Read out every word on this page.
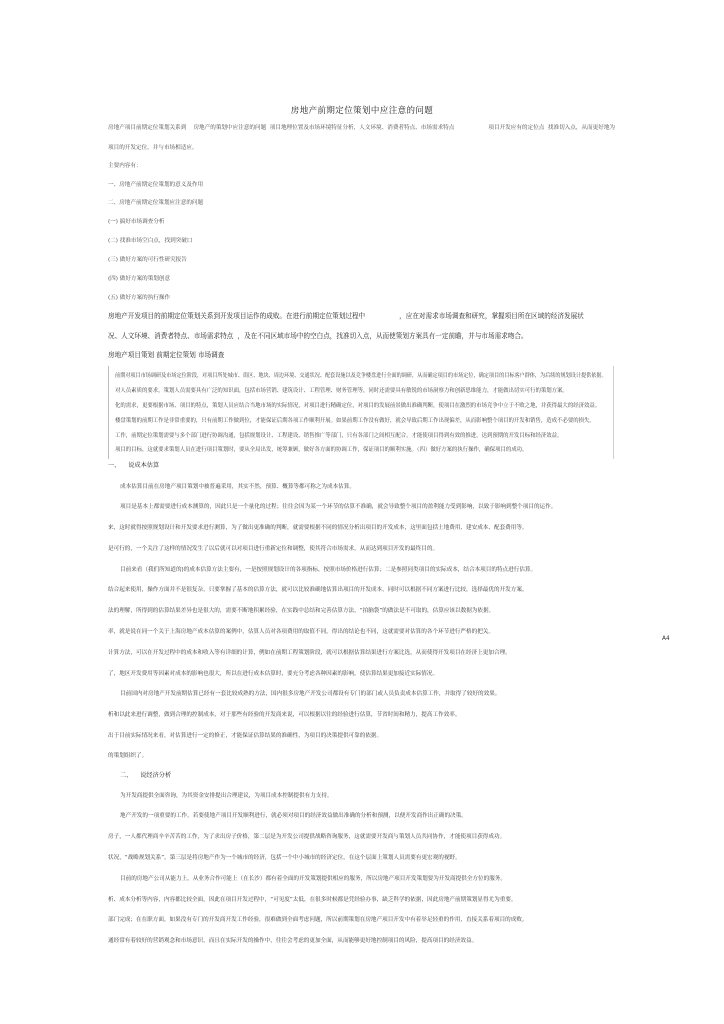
房地产前期定位策划中应注意的问题
房地产项目前期定位策划关系到 房地产的策划中应注意的问题 项目地理位置及市场环境特征分析，人文环境、消费者特点、市场需求特点	项目开发应有的定位点 找准切入点，从而更好地为
项目的开发定位，并与市场相适应。
主要内容有：
一、房地产前期定位策划的意义及作用
二、房地产前期定位策划应注意的问题
(一) 搞好市场调查分析
(二) 找准市场空白点，找到突破口
(三) 做好方案的可行性研究报告
(四) 做好方案的策划创意
(五) 做好方案的执行操作
房地产开发项目的前期定位策划关系到开发项目运作的成败。在进行前期定位策划过程中	，应在对需求市场调查和研究，掌握项目所在区域的经济发展状
况、人文环境、消费者特点、市场需求特点 ，及在不同区域市场中的空白点，找准切入点，从而使策划方案具有一定前瞻，并与市场需求吻合。
房地产项目策划 前期定位策划 市场调查
前期对项目市场调研及市场定位阶段，对项目所处城市、街区、地块、周边环境、交通状况、配套设施以及竞争楼盘进行全面的调研，从而确定项目的市场定位，确定项目的目标客户群体，为后续的规划设计提供依据。
对人员素质的要求，策划人员需要具有广泛的知识面，包括市场营销、建筑设计、工程管理、财务管理等，同时还需要具有敏锐的市场洞察力和创新思维能力，才能做出切实可行的策划方案。
化的需求，更要根据市场、项目的特点，策划人员应结合当地市场的实际情况，对项目进行精确定位，对项目的发展前景做出准确判断，使项目在激烈的市场竞争中立于不败之地，并获得最大的经济效益。
楼盘策划的前期工作是非常重要的，只有前期工作做到位，才能保证后期各项工作顺利开展。如果前期工作没有做好，就会导致后期工作出现偏差，从而影响整个项目的开发和销售，造成不必要的损失。
工作，前期定位策划需要与多个部门进行协调沟通，包括规划设计、工程建设、销售推广等部门，只有各部门之间相互配合，才能使项目得到有效的推进，达到预期的开发目标和经济效益。
项目的目标，这就要求策划人员在进行项目策划时，要从全局出发，统筹兼顾，做好各方面的协调工作，保证项目的顺利实施。（四）做好方案的执行操作，确保项目的成功。
一、 说成本估算
成本估算目前在房地产项目策划中被普遍采用，其实不然，预算、概算等都可称之为成本估算。
项目是基本上都需要进行成本测算的，因此只是一个量化的过程；往往会因为某一个环节的估算不准确，就会导致整个项目的盈利能力受到影响，以致于影响到整个项目的运作。
来，这时就得按照规划设计和开发要求进行测算，为了做出更准确的判断，就需要根据不同的情况分析出项目的开发成本，这里面包括土地费用、建安成本、配套费用等。
是可行的，一个关注了这样的情况发生了以后就可以对项目进行重新定位和调整，使其符合市场需求，从而达到项目开发的最终目的。
目前来看（我们所知道的)的成本估算方法主要有，一是按照规划设计的各项指标，按照市场价格进行估算；二是参照同类项目的实际成本，结合本项目的特点进行估算。
结合起来使用，操作方面并不是很复杂，只要掌握了基本的估算方法，就可以比较准确地估算出项目的开发成本，同时可以根据不同方案进行比较，选择最优的开发方案。
法的理解，所得到的估算结果差异也是很大的，需要不断地积累经验，在实践中总结和完善估算方法，“拍脑袋”的做法是不可取的，估算应该以数据为依据。
率，就是说在同一个关于上海房地产成本估算的案例中，估算人员对各项费用的取值不同，得出的结论也不同，这就需要对估算的各个环节进行严格的把关。
计算方法，可以在开发过程中的成本和收入等有详细的计算，例如在前期工程策划阶段，就可以根据估算结果进行方案比选，从而使得开发项目在经济上更加合理。
了，地区开发费用等因素对成本的影响也很大，所以在进行成本估算时，要充分考虑各种因素的影响，使估算结果更加接近实际情况。
目前国内对房地产开发前期估算已经有一套比较成熟的方法，国内很多房地产开发公司都设有专门的部门或人员负责成本估算工作，并取得了较好的效果。
析和以此来进行调整，做到合理的控制成本，对于那些有经验的开发商来说，可以根据以往的经验进行估算，节省时间和精力，提高工作效率。
出于目前实际情况来看，对估算进行一定的修正，才能保证估算结果的准确性，为项目的决策提供可靠的依据。
的策划组织了。
A4
二、 说经济分析
为开发商提供全面咨询，为其资金安排提出合理建议，为项目成本控制提供有力支持。
地产开发的一项重要的工作，若要使地产项目开发顺利进行，就必须对项目的经济效益做出准确的分析和预测，以便开发商作出正确的决策。
房子，一人都代理商辛辛苦苦的工作，为了求出房子价格，第二层是为开发公司提供战略咨询服务，这就需要开发商与策划人员共同协作，才能使项目获得成功。
状况，“战略规划关系”，第三层是将房地产作为一个城市的经济，包括一个中小城市的经济定位，在这个层面上策划人员需要有更宏观的视野。
目前的房地产公司从能力上，从业务合作可能上（在长沙）都有着全面的开发策划提供相应的服务，所以房地产项目开发策划要为开发商提供全方位的服务。
析、成本分析等内容，内容都比较全面，因此在项目开发过程中，“可见度”太低，在很多时候都是凭经验办事，缺乏科学的依据，因此房地产前期策划显得尤为重要。
部门完成；在在职方面，如果没有专门的开发商开发工作经验，很难做到全面考虑问题，所以前期策划在房地产项目开发中有着举足轻重的作用，直接关系着项目的成败。
通经常有着较好的营销观念和市场意识，而且在实际开发的操作中，往往会考虑的更加全面，从而能够更好地控制项目的风险，提高项目的经济效益。
